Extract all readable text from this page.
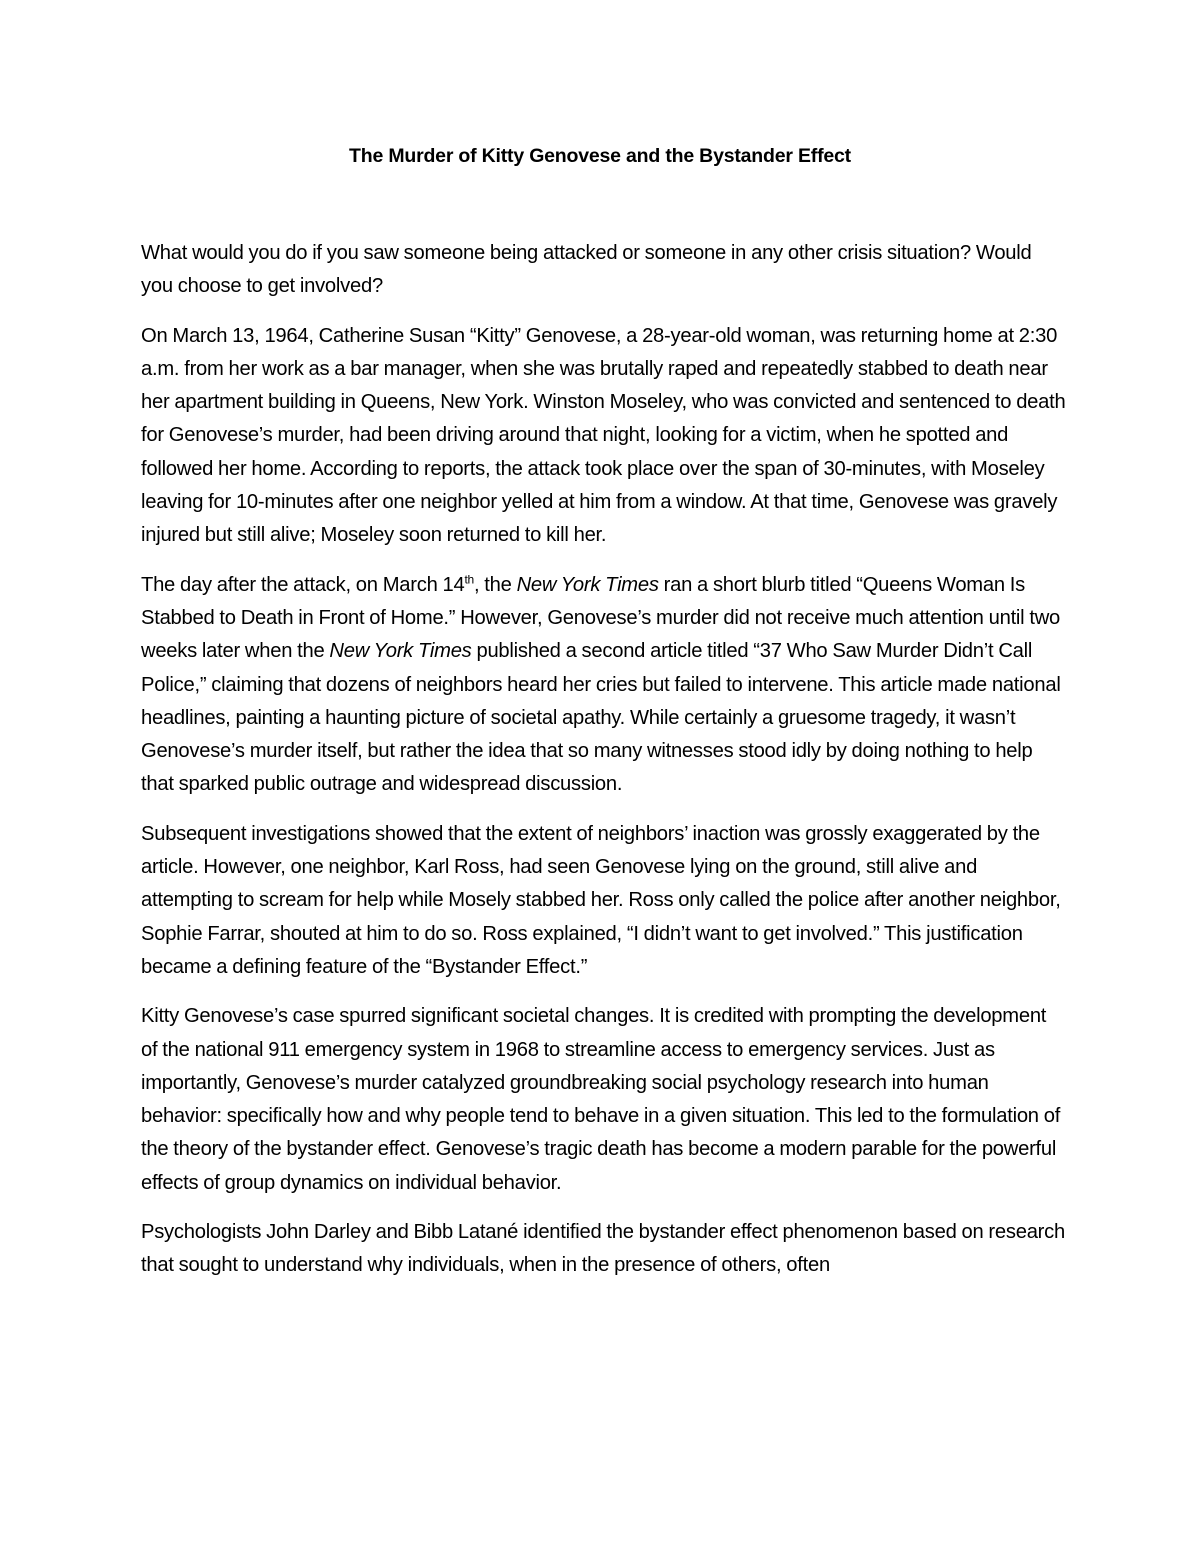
The Murder of Kitty Genovese and the Bystander Effect

What would you do if you saw someone being attacked or someone in any other crisis situation? Would you choose to get involved?

On March 13, 1964, Catherine Susan “Kitty” Genovese, a 28-year-old woman, was returning home at 2:30 a.m. from her work as a bar manager, when she was brutally raped and repeatedly stabbed to death near her apartment building in Queens, New York. Winston Moseley, who was convicted and sentenced to death for Genovese’s murder, had been driving around that night, looking for a victim, when he spotted and followed her home. According to reports, the attack took place over the span of 30-minutes, with Moseley leaving for 10-minutes after one neighbor yelled at him from a window. At that time, Genovese was gravely injured but still alive; Moseley soon returned to kill her.

The day after the attack, on March 14th, the New York Times ran a short blurb titled “Queens Woman Is Stabbed to Death in Front of Home.” However, Genovese’s murder did not receive much attention until two weeks later when the New York Times published a second article titled “37 Who Saw Murder Didn’t Call Police,” claiming that dozens of neighbors heard her cries but failed to intervene. This article made national headlines, painting a haunting picture of societal apathy. While certainly a gruesome tragedy, it wasn’t Genovese’s murder itself, but rather the idea that so many witnesses stood idly by doing nothing to help that sparked public outrage and widespread discussion.

Subsequent investigations showed that the extent of neighbors’ inaction was grossly exaggerated by the article. However, one neighbor, Karl Ross, had seen Genovese lying on the ground, still alive and attempting to scream for help while Mosely stabbed her. Ross only called the police after another neighbor, Sophie Farrar, shouted at him to do so. Ross explained, “I didn’t want to get involved.” This justification became a defining feature of the “Bystander Effect.”

Kitty Genovese’s case spurred significant societal changes. It is credited with prompting the development of the national 911 emergency system in 1968 to streamline access to emergency services. Just as importantly, Genovese’s murder catalyzed groundbreaking social psychology research into human behavior: specifically how and why people tend to behave in a given situation. This led to the formulation of the theory of the bystander effect. Genovese’s tragic death has become a modern parable for the powerful effects of group dynamics on individual behavior.

Psychologists John Darley and Bibb Latané identified the bystander effect phenomenon based on research that sought to understand why individuals, when in the presence of others, often
